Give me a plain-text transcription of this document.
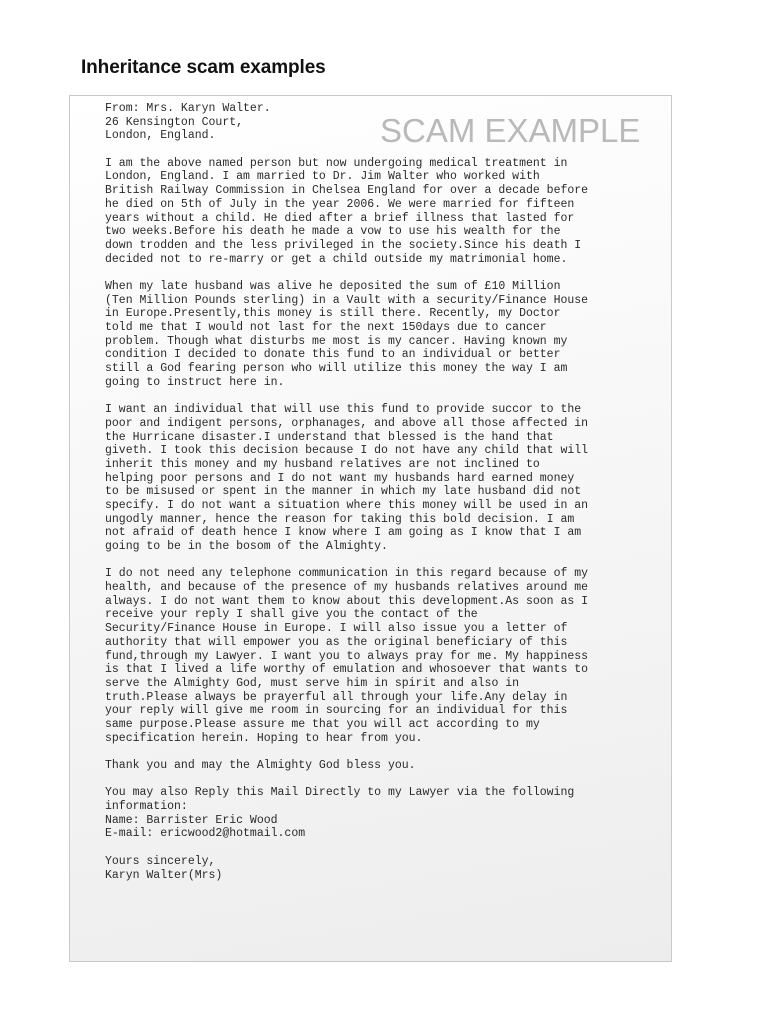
Inheritance scam examples
SCAM EXAMPLE
From: Mrs. Karyn Walter.
26 Kensington Court,
London, England.
I am the above named person but now undergoing medical treatment in
London, England. I am married to Dr. Jim Walter who worked with
British Railway Commission in Chelsea England for over a decade before
he died on 5th of July in the year 2006. We were married for fifteen
years without a child. He died after a brief illness that lasted for
two weeks.Before his death he made a vow to use his wealth for the
down trodden and the less privileged in the society.Since his death I
decided not to re-marry or get a child outside my matrimonial home.
When my late husband was alive he deposited the sum of £10 Million
(Ten Million Pounds sterling) in a Vault with a security/Finance House
in Europe.Presently,this money is still there. Recently, my Doctor
told me that I would not last for the next 150days due to cancer
problem. Though what disturbs me most is my cancer. Having known my
condition I decided to donate this fund to an individual or better
still a God fearing person who will utilize this money the way I am
going to instruct here in.
I want an individual that will use this fund to provide succor to the
poor and indigent persons, orphanages, and above all those affected in
the Hurricane disaster.I understand that blessed is the hand that
giveth. I took this decision because I do not have any child that will
inherit this money and my husband relatives are not inclined to
helping poor persons and I do not want my husbands hard earned money
to be misused or spent in the manner in which my late husband did not
specify. I do not want a situation where this money will be used in an
ungodly manner, hence the reason for taking this bold decision. I am
not afraid of death hence I know where I am going as I know that I am
going to be in the bosom of the Almighty.
I do not need any telephone communication in this regard because of my
health, and because of the presence of my husbands relatives around me
always. I do not want them to know about this development.As soon as I
receive your reply I shall give you the contact of the
Security/Finance House in Europe. I will also issue you a letter of
authority that will empower you as the original beneficiary of this
fund,through my Lawyer. I want you to always pray for me. My happiness
is that I lived a life worthy of emulation and whosoever that wants to
serve the Almighty God, must serve him in spirit and also in
truth.Please always be prayerful all through your life.Any delay in
your reply will give me room in sourcing for an individual for this
same purpose.Please assure me that you will act according to my
specification herein. Hoping to hear from you.
Thank you and may the Almighty God bless you.
You may also Reply this Mail Directly to my Lawyer via the following
information:
Name: Barrister Eric Wood
E-mail: ericwood2@hotmail.com
Yours sincerely,
Karyn Walter(Mrs)
